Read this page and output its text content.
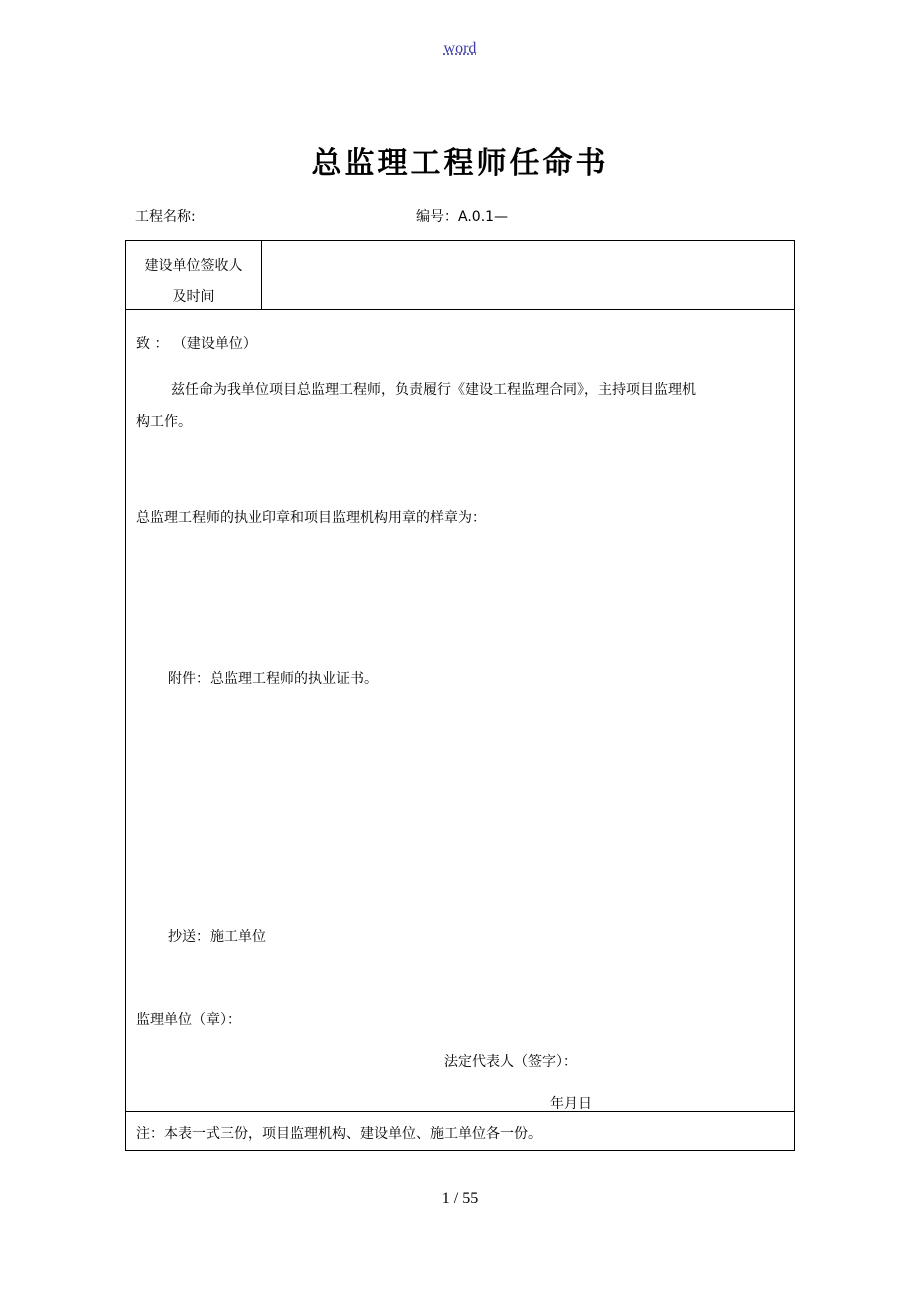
word
总监理工程师任命书
工程名称:	编号：A.0.1—
建设单位签收人
及时间
致 ： （建设单位）
兹任命为我单位项目总监理工程师，负责履行《建设工程监理合同》，主持项目监理机
构工作。
总监理工程师的执业印章和项目监理机构用章的样章为：
附件：总监理工程师的执业证书。
抄送：施工单位
监理单位（章）：
法定代表人（签字）：
年月日
注：本表一式三份，项目监理机构、建设单位、施工单位各一份。
1 / 55
